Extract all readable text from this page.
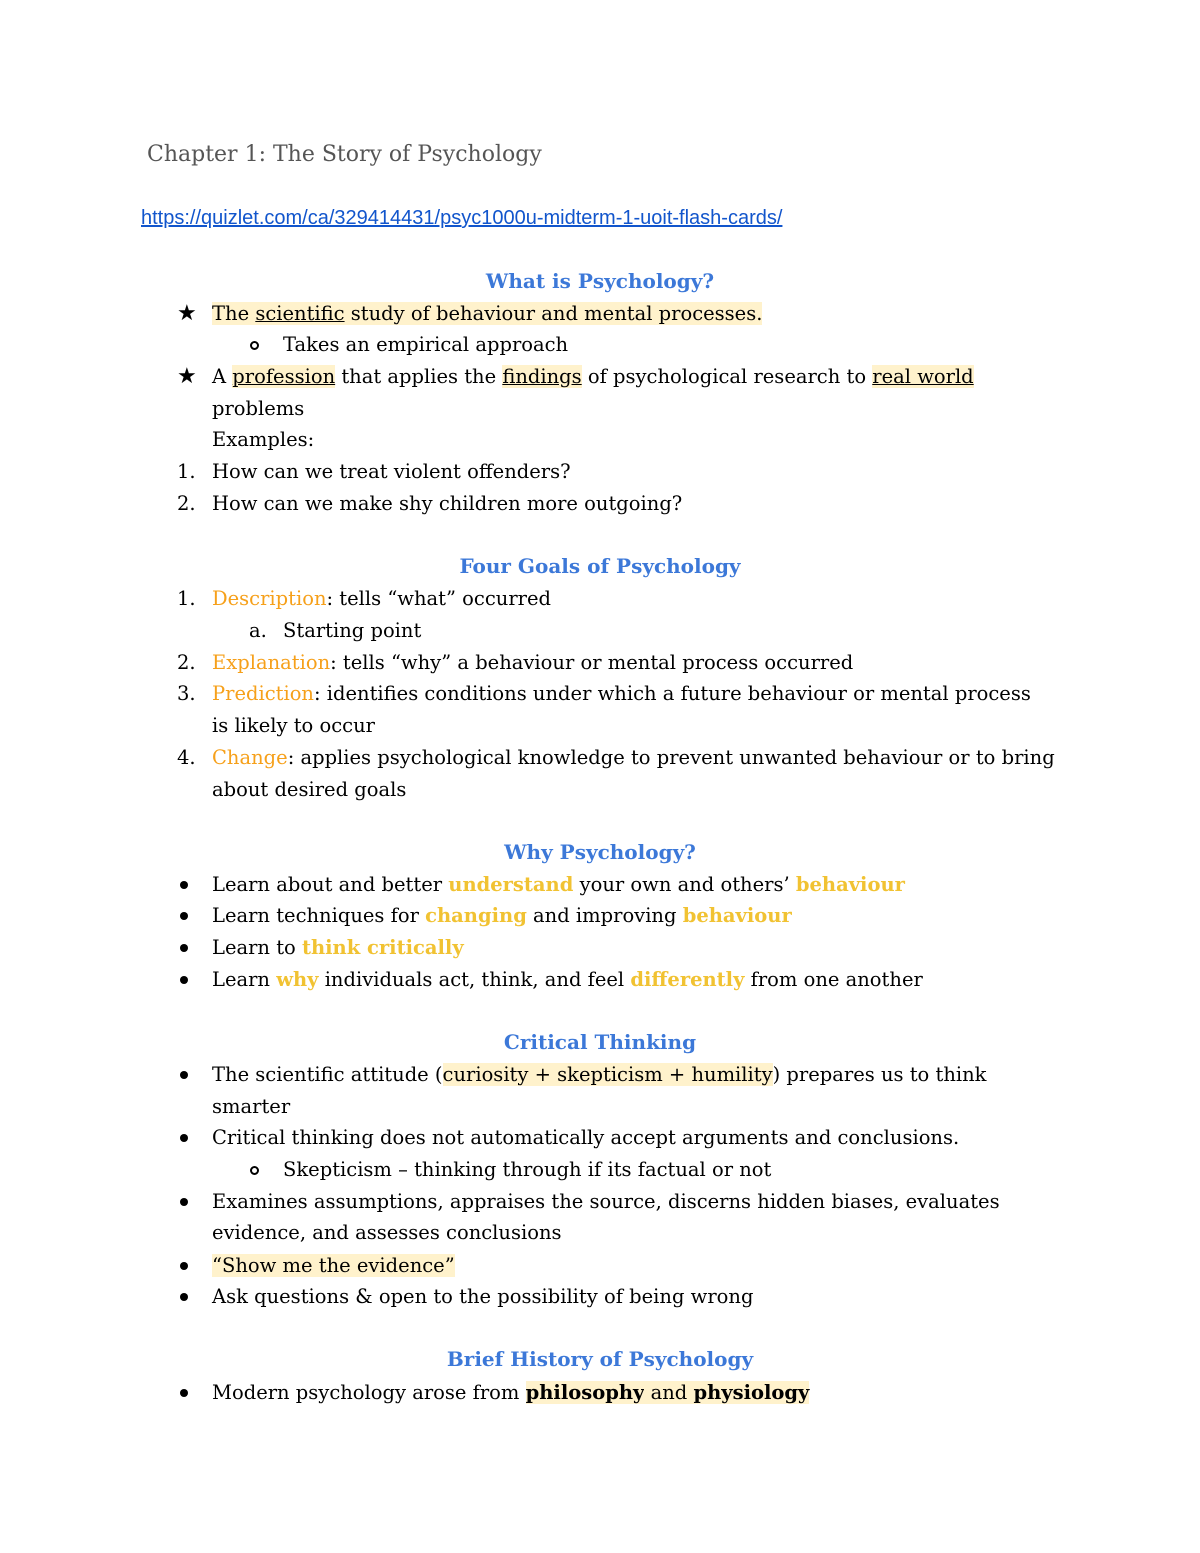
Chapter 1: The Story of Psychology
https://quizlet.com/ca/329414431/psyc1000u-midterm-1-uoit-flash-cards/
What is Psychology?
★ The scientific study of behaviour and mental processes.
Takes an empirical approach
★ A profession that applies the findings of psychological research to real world
problems
Examples:
1. How can we treat violent offenders?
2. How can we make shy children more outgoing?
Four Goals of Psychology
1. Description: tells “what” occurred
a. Starting point
2. Explanation: tells “why” a behaviour or mental process occurred
3. Prediction: identifies conditions under which a future behaviour or mental process
is likely to occur
4. Change: applies psychological knowledge to prevent unwanted behaviour or to bring
about desired goals
Why Psychology?
Learn about and better understand your own and others’ behaviour
Learn techniques for changing and improving behaviour
Learn to think critically
Learn why individuals act, think, and feel differently from one another
Critical Thinking
The scientific attitude (curiosity + skepticism + humility) prepares us to think
smarter
Critical thinking does not automatically accept arguments and conclusions.
Skepticism – thinking through if its factual or not
Examines assumptions, appraises the source, discerns hidden biases, evaluates
evidence, and assesses conclusions
“Show me the evidence”
Ask questions & open to the possibility of being wrong
Brief History of Psychology
Modern psychology arose from philosophy and physiology
